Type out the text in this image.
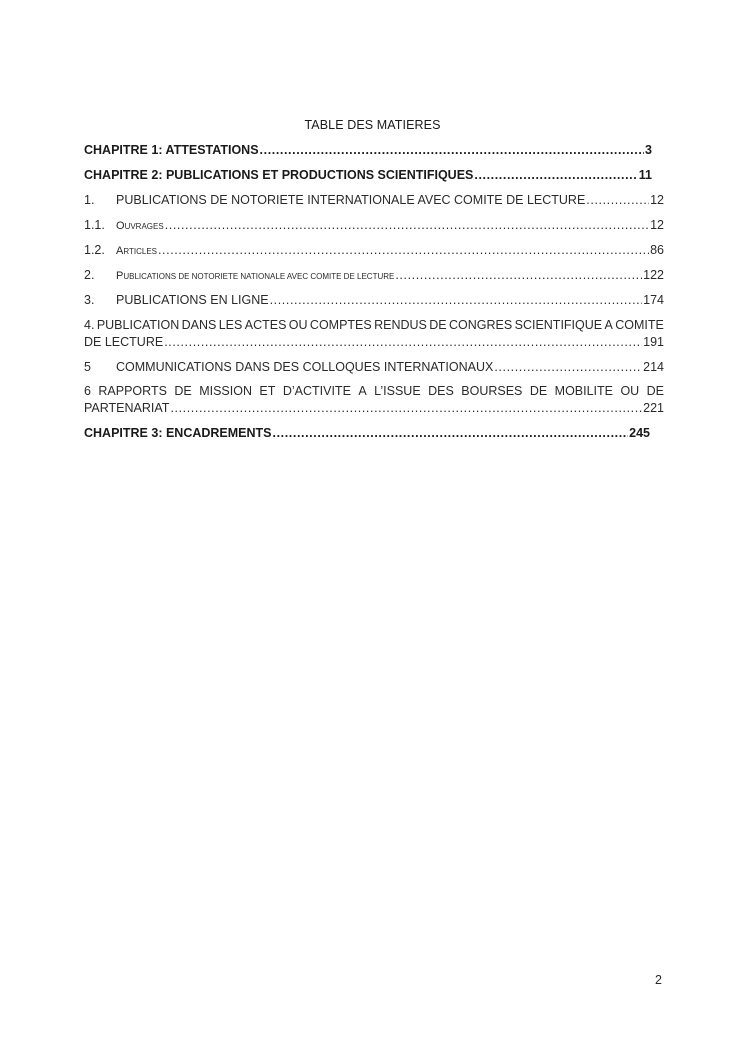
TABLE DES MATIERES
CHAPITRE 1: ATTESTATIONS .....	3
CHAPITRE 2: PUBLICATIONS ET PRODUCTIONS SCIENTIFIQUES .....	11
1. PUBLICATIONS DE NOTORIETE INTERNATIONALE AVEC COMITE DE LECTURE .....	12
1.1. OUVRAGES .....	12
1.2. ARTICLES .....	86
2. PUBLICATIONS DE NOTORIETE NATIONALE AVEC COMITE DE LECTURE .....	122
3. PUBLICATIONS EN LIGNE .....	174
4. PUBLICATION DANS LES ACTES OU COMPTES RENDUS DE CONGRES SCIENTIFIQUE A COMITE
DE LECTURE .....	191
5 COMMUNICATIONS DANS DES COLLOQUES INTERNATIONAUX .....	214
6 RAPPORTS DE MISSION ET D’ACTIVITE A L’ISSUE DES BOURSES DE MOBILITE OU DE
PARTENARIAT .....	221
CHAPITRE 3: ENCADREMENTS .....	245
2
